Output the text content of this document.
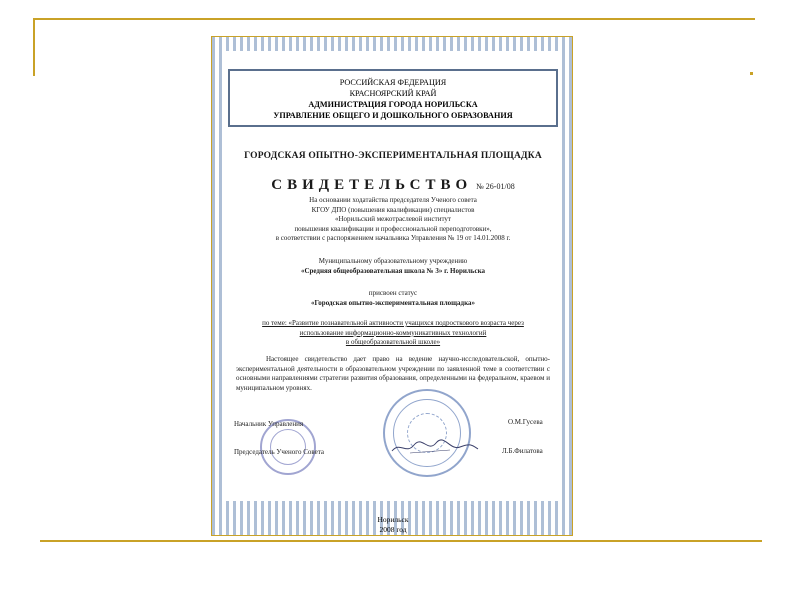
РОССИЙСКАЯ ФЕДЕРАЦИЯ
КРАСНОЯРСКИЙ КРАЙ
АДМИНИСТРАЦИЯ ГОРОДА НОРИЛЬСКА
УПРАВЛЕНИЕ ОБЩЕГО И ДОШКОЛЬНОГО ОБРАЗОВАНИЯ
ГОРОДСКАЯ ОПЫТНО-ЭКСПЕРИМЕНТАЛЬНАЯ ПЛОЩАДКА
СВИДЕТЕЛЬСТВО № 26-01/08
На основании ходатайства председателя Ученого совета
КГОУ ДПО (повышения квалификации) специалистов
«Норильский межотраслевой институт
повышения квалификации и профессиональной переподготовки»,
в соответствии с распоряжением начальника Управления № 19 от 14.01.2008 г.
Муниципальному образовательному учреждению
«Средняя общеобразовательная школа № 3» г. Норильска
присвоен статус
«Городская опытно-экспериментальная площадка»
по теме: «Развитие познавательной активности учащихся подросткового возраста через
использование информационно-коммуникативных технологий
в общеобразовательной школе»
Настоящее свидетельство дает право на ведение научно-исследовательской, опытно-экспериментальной деятельности в образовательном учреждении по заявленной теме в соответствии с основными направлениями стратегии развития образования, определенными на федеральном, краевом и муниципальном уровнях.
Начальник Управления	О.М.Гусева
Председатель Ученого Совета	Л.Б.Филатова
Норильск
2008 год
